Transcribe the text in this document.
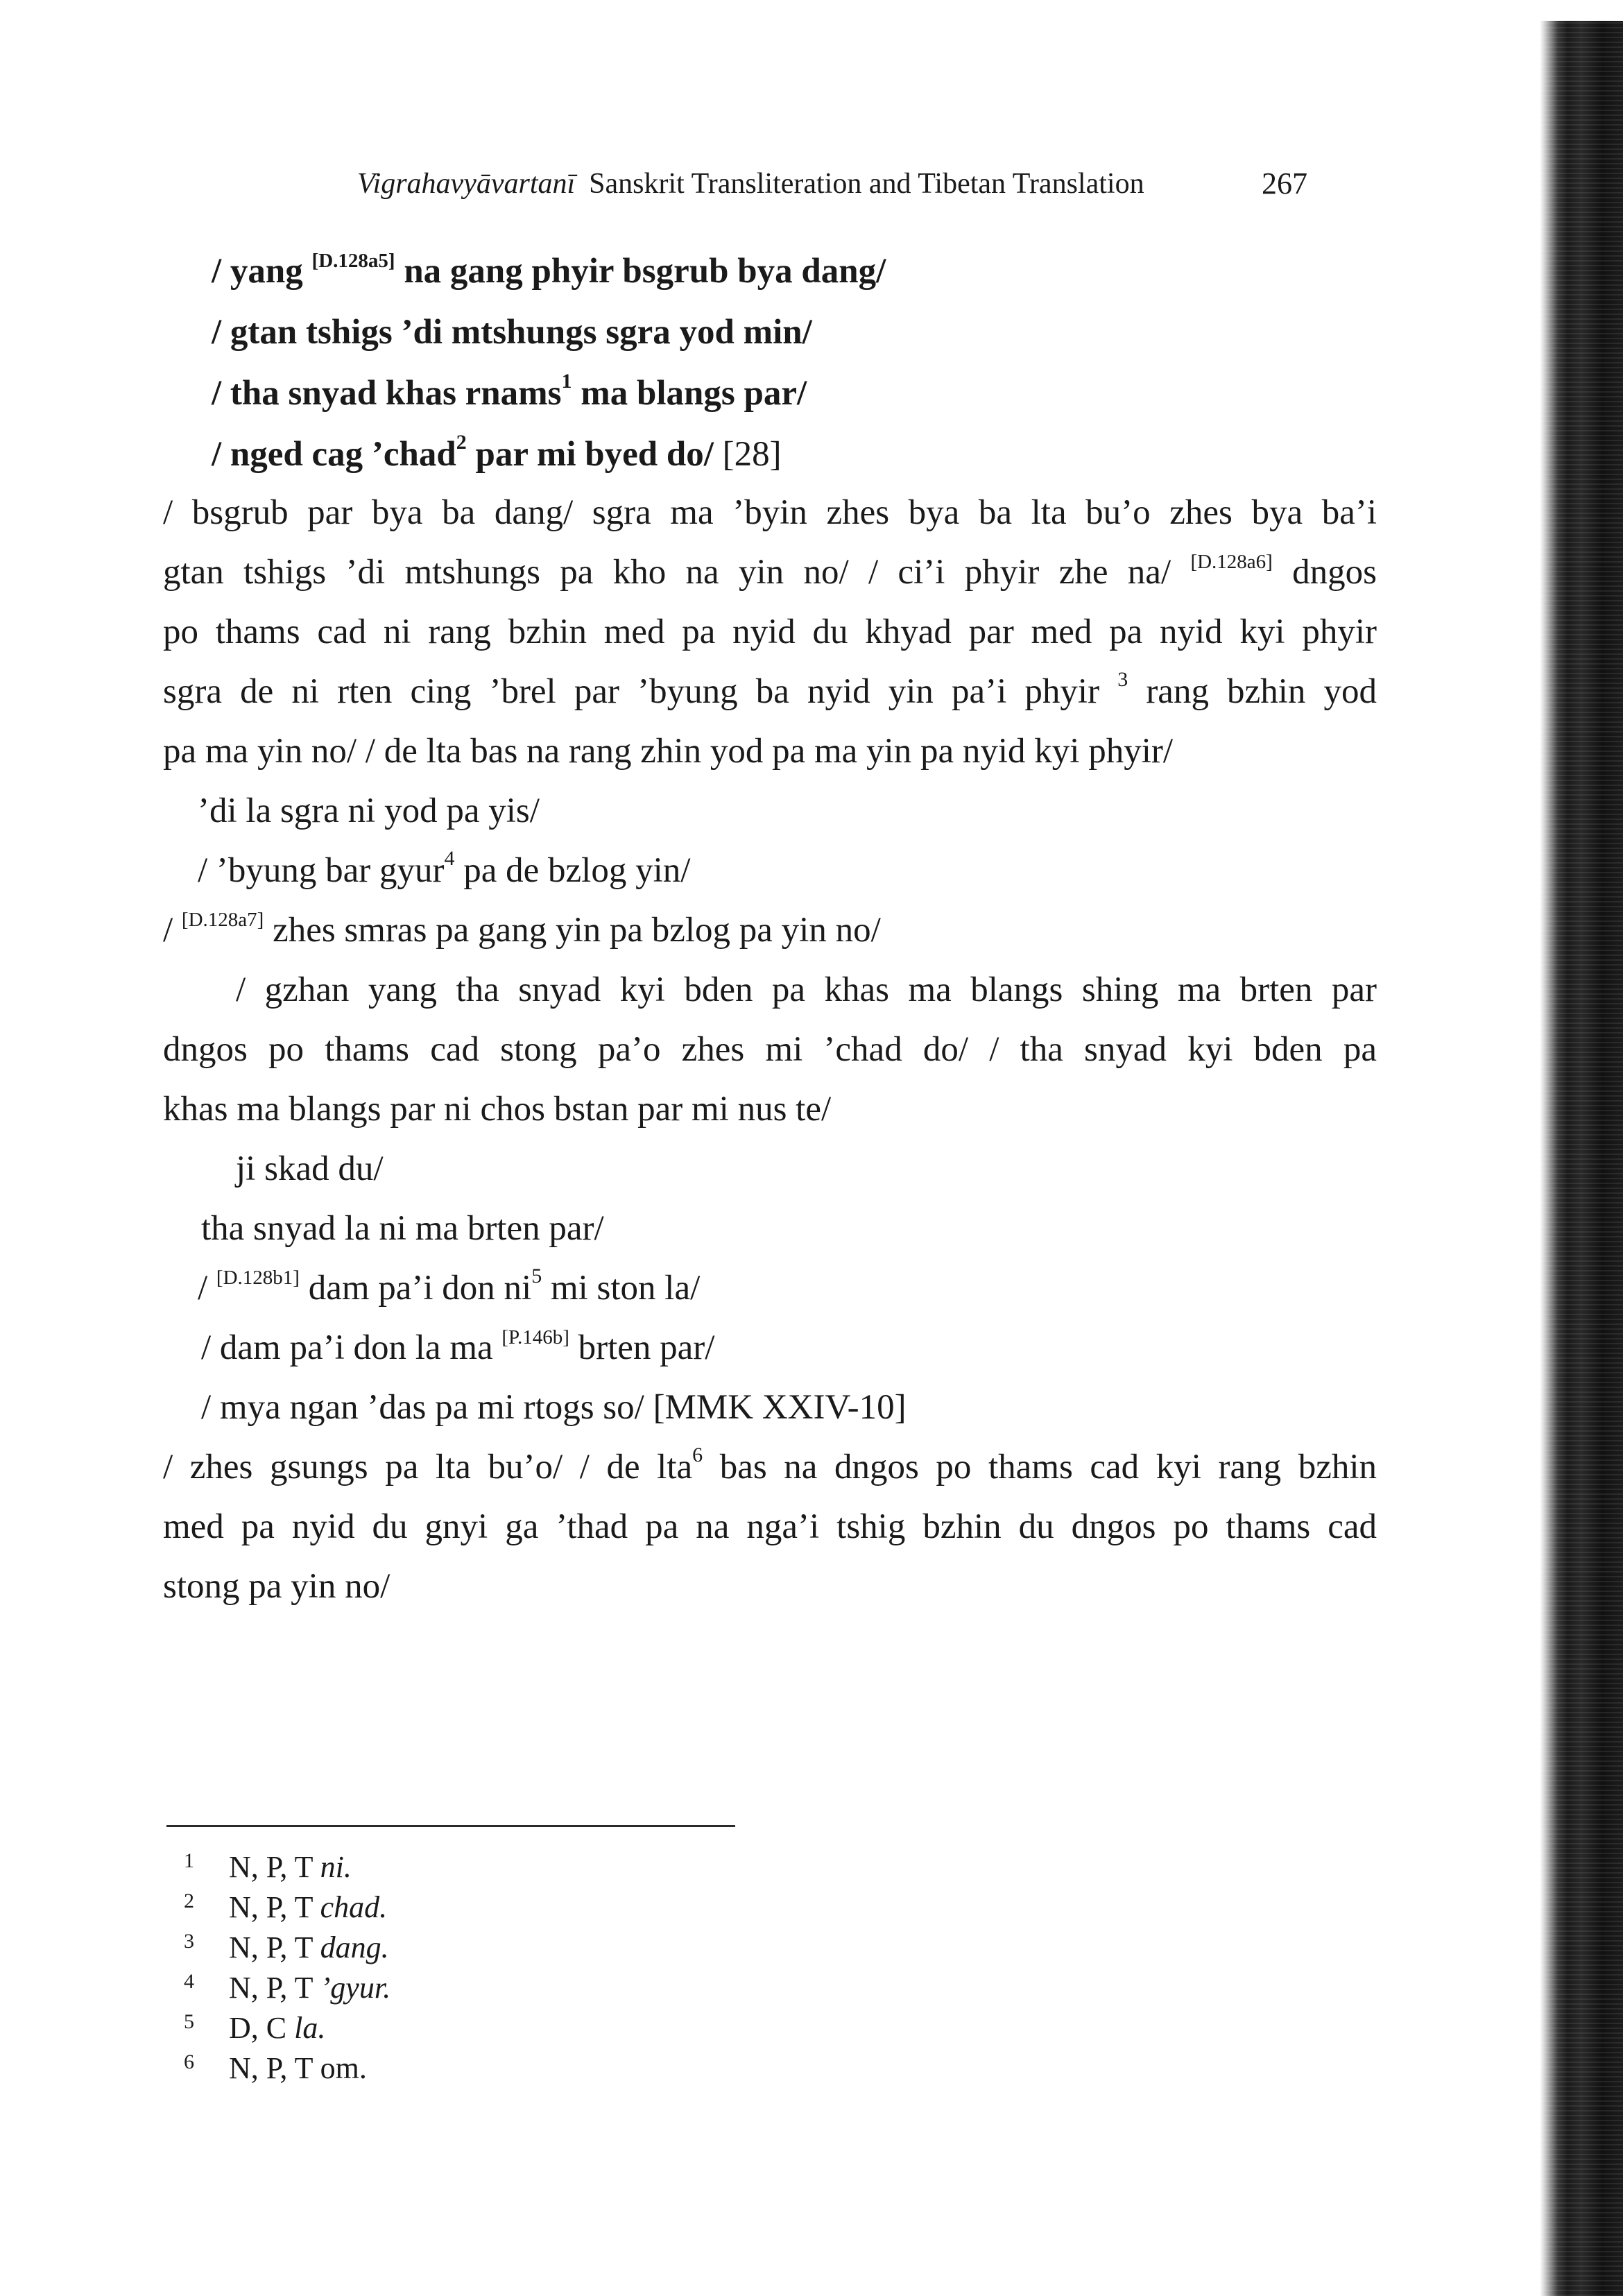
Vigrahavyāvartanī Sanskrit Transliteration and Tibetan Translation	267
/ yang [D.128a5] na gang phyir bsgrub bya dang/
/ gtan tshigs ’di mtshungs sgra yod min/
/ tha snyad khas rnams$^1$ ma blangs par/
/ nged cag ’chad$^2$ par mi byed do/ [28]
/ bsgrub par bya ba dang/ sgra ma ’byin zhes bya ba lta bu’o zhes bya ba’i
gtan tshigs ’di mtshungs pa kho na yin no/ / ci’i phyir zhe na/ [D.128a6] dngos
po thams cad ni rang bzhin med pa nyid du khyad par med pa nyid kyi phyir
sgra de ni rten cing ’brel par ’byung ba nyid yin pa’i phyir $^3$ rang bzhin yod
pa ma yin no/ / de lta bas na rang zhin yod pa ma yin pa nyid kyi phyir/
’di la sgra ni yod pa yis/
/ ’byung bar gyur$^4$ pa de bzlog yin/
/ [D.128a7] zhes smras pa gang yin pa bzlog pa yin no/
/ gzhan yang tha snyad kyi bden pa khas ma blangs shing ma brten par
dngos po thams cad stong pa’o zhes mi ’chad do/ / tha snyad kyi bden pa
khas ma blangs par ni chos bstan par mi nus te/
ji skad du/
tha snyad la ni ma brten par/
/ [D.128b1] dam pa’i don ni$^5$ mi ston la/
/ dam pa’i don la ma [P.146b] brten par/
/ mya ngan ’das pa mi rtogs so/ [MMK XXIV-10]
/ zhes gsungs pa lta bu’o/ / de lta$^6$ bas na dngos po thams cad kyi rang bzhin
med pa nyid du gnyi ga ’thad pa na nga’i tshig bzhin du dngos po thams cad
stong pa yin no/
1 N, P, T ni.
2 N, P, T chad.
3 N, P, T dang.
4 N, P, T ’gyur.
5 D, C la.
6 N, P, T om.
